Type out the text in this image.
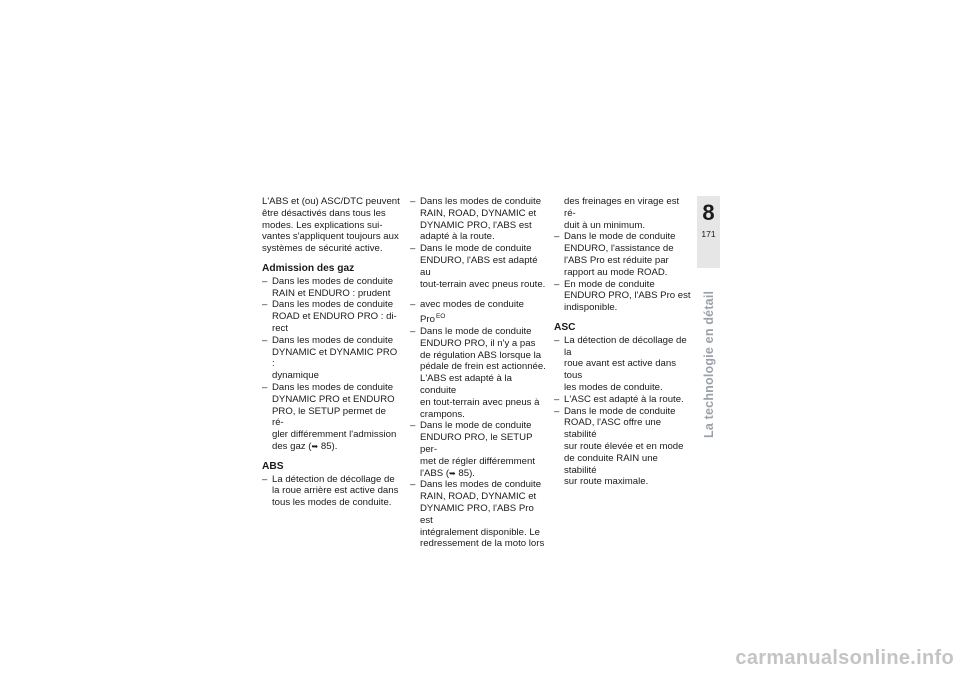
L'ABS et (ou) ASC/DTC peuvent

être désactivés dans tous les

modes. Les explications sui-

vantes s'appliquent toujours aux

systèmes de sécurité active.

Admission des gaz
– Dans les modes de conduite

RAIN et ENDURO : prudent

– Dans les modes de conduite

ROAD et ENDURO PRO : di-

rect

– Dans les modes de conduite

DYNAMIC et DYNAMIC PRO :

dynamique

– Dans les modes de conduite

DYNAMIC PRO et ENDURO

PRO, le SETUP permet de ré-

gler différemment l'admission

des gaz (➥ 85).

ABS
– La détection de décollage de

la roue arrière est active dans

tous les modes de conduite.

– Dans les modes de conduite

RAIN, ROAD, DYNAMIC et

DYNAMIC PRO, l'ABS est

adapté à la route.

– Dans le mode de conduite

ENDURO, l'ABS est adapté au

tout-terrain avec pneus route.

– avec modes de conduite Pro$^{EO}$
– Dans le mode de conduite

ENDURO PRO, il n'y a pas

de régulation ABS lorsque la

pédale de frein est actionnée.

L'ABS est adapté à la conduite

en tout-terrain avec pneus à

crampons.

– Dans le mode de conduite

ENDURO PRO, le SETUP per-

met de régler différemment

l'ABS (➥ 85).

– Dans les modes de conduite

RAIN, ROAD, DYNAMIC et

DYNAMIC PRO, l'ABS Pro est

intégralement disponible. Le

redressement de la moto lors

des freinages en virage est ré-

duit à un minimum.

– Dans le mode de conduite

ENDURO, l'assistance de

l'ABS Pro est réduite par

rapport au mode ROAD.

– En mode de conduite

ENDURO PRO, l'ABS Pro est

indisponible.

ASC
– La détection de décollage de la

roue avant est active dans tous

les modes de conduite.

– L'ASC est adapté à la route.

– Dans le mode de conduite

ROAD, l'ASC offre une stabilité

sur route élevée et en mode

de conduite RAIN une stabilité

sur route maximale.

8
171
La technologie en détail
carmanualsonline.info
